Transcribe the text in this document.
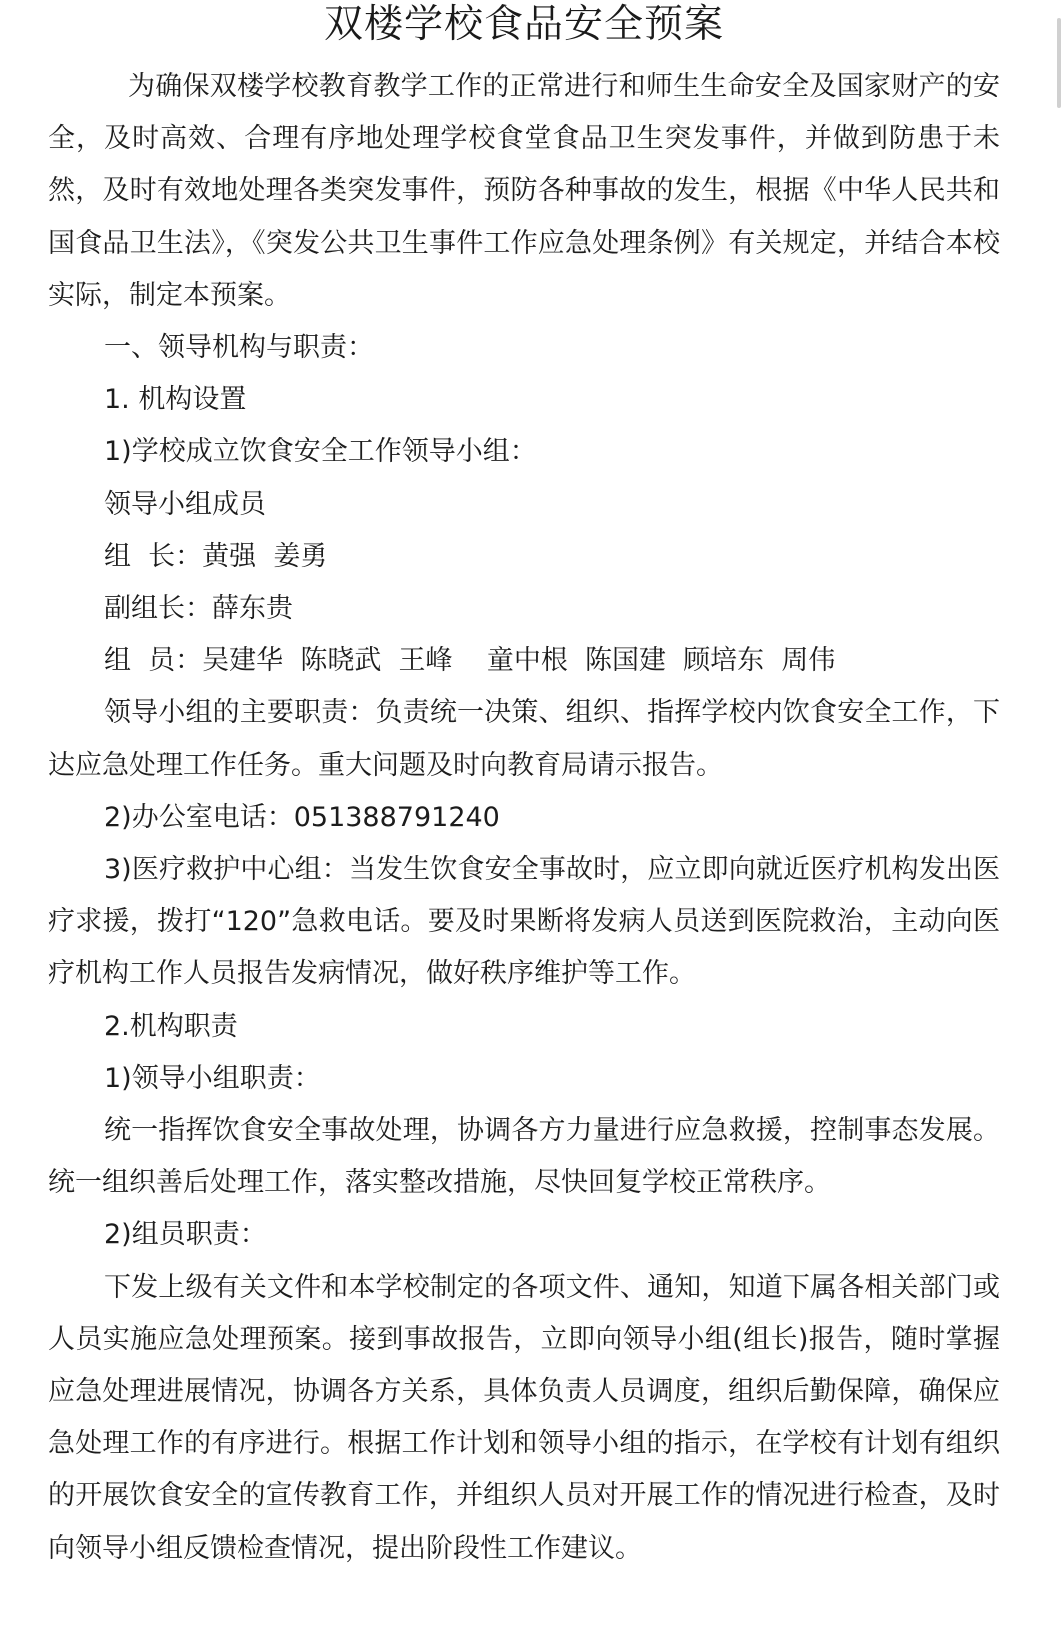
双楼学校食品安全预案

为确保双楼学校教育教学工作的正常进行和师生生命安全及国家财产的安全，及时高效、合理有序地处理学校食堂食品卫生突发事件，并做到防患于未然，及时有效地处理各类突发事件，预防各种事故的发生，根据《中华人民共和国食品卫生法》，《突发公共卫生事件工作应急处理条例》有关规定，并结合本校实际，制定本预案。

一、领导机构与职责：

1. 机构设置

1)学校成立饮食安全工作领导小组：

领导小组成员

组  长：黄强  姜勇

副组长：薛东贵

组  员：吴建华  陈晓武  王峰    童中根  陈国建  顾培东  周伟

领导小组的主要职责：负责统一决策、组织、指挥学校内饮食安全工作，下达应急处理工作任务。重大问题及时向教育局请示报告。

2)办公室电话：051388791240

3)医疗救护中心组：当发生饮食安全事故时，应立即向就近医疗机构发出医疗求援，拨打“120”急救电话。要及时果断将发病人员送到医院救治，主动向医疗机构工作人员报告发病情况，做好秩序维护等工作。

2.机构职责

1)领导小组职责：

统一指挥饮食安全事故处理，协调各方力量进行应急救援，控制事态发展。统一组织善后处理工作，落实整改措施，尽快回复学校正常秩序。

2)组员职责：

下发上级有关文件和本学校制定的各项文件、通知，知道下属各相关部门或人员实施应急处理预案。接到事故报告，立即向领导小组(组长)报告，随时掌握应急处理进展情况，协调各方关系，具体负责人员调度，组织后勤保障，确保应急处理工作的有序进行。根据工作计划和领导小组的指示，在学校有计划有组织的开展饮食安全的宣传教育工作，并组织人员对开展工作的情况进行检查，及时向领导小组反馈检查情况，提出阶段性工作建议。
